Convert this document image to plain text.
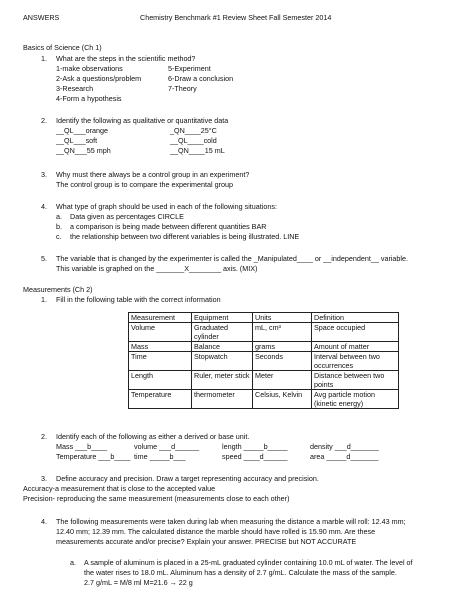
ANSWERS	Chemistry Benchmark #1 Review Sheet Fall Semester 2014
Basics of Science (Ch 1)
1. What are the steps in the scientific method?
1-make observations
2-Ask a questions/problem
3-Research
4-Form a hypothesis
5-Experiment
6-Draw a conclusion
7-Theory
2. Identify the following as qualitative or quantitative data
__QL___orange
__QL___soft
__QN___55 mph
_QN____25°C
__QL____cold
__QN____15 mL
3. Why must there always be a control group in an experiment?
The control group is to compare the experimental group
4. What type of graph should be used in each of the following situations:
a. Data given as percentages CIRCLE
b. a comparison is being made between different quantities BAR
c. the relationship between two different variables is being illustrated. LINE
5. The variable that is changed by the experimenter is called the _Manipulated____ or __independent__ variable.
This variable is graphed on the _______X________ axis. (MIX)
Measurements (Ch 2)
1. Fill in the following table with the correct information
Measurement	Equipment	Units	Definition
Volume	Graduated cylinder	mL, cm³	Space occupied
Mass	Balance	grams	Amount of matter
Time	Stopwatch	Seconds	Interval between two occurrences
Length	Ruler, meter stick	Meter	Distance between two points
Temperature	thermometer	Celsius, Kelvin	Avg particle motion (kinetic energy)
2. Identify each of the following as either a derived or base unit.
Mass ___b____	volume ___d______	length _____b_____	density ___d_______
Temperature ___b____ time _____b___	speed ____d______	area _____d_______
3. Define accuracy and precision. Draw a target representing accuracy and precision.
Accuracy-a measurement that is close to the accepted value
Precision- reproducing the same measurement (measurements close to each other)
4. The following measurements were taken during lab when measuring the distance a marble will roll: 12.43 mm;
12.40 mm; 12.39 mm. The calculated distance the marble should have rolled is 15.90 mm. Are these
measurements accurate and/or precise? Explain your answer. PRECISE but NOT ACCURATE
a. A sample of aluminum is placed in a 25-mL graduated cylinder containing 10.0 mL of water. The level of
the water rises to 18.0 mL. Aluminum has a density of 2.7 g/mL. Calculate the mass of the sample.
2.7 g/mL = M/8 ml M=21.6 → 22 g
